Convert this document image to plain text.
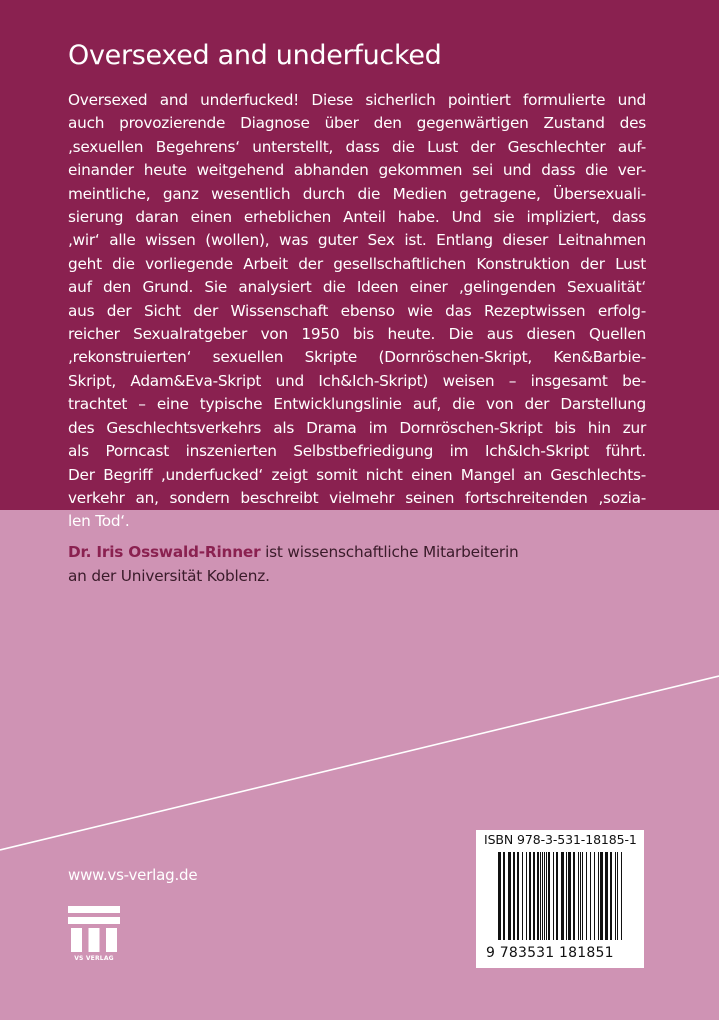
Oversexed and underfucked
Oversexed and underfucked! Diese sicherlich pointiert formulierte und
auch provozierende Diagnose über den gegenwärtigen Zustand des
‚sexuellen Begehrens‘ unterstellt, dass die Lust der Geschlechter auf-
einander heute weitgehend abhanden gekommen sei und dass die ver-
meintliche, ganz wesentlich durch die Medien getragene, Übersexuali-
sierung daran einen erheblichen Anteil habe. Und sie impliziert, dass
‚wir‘ alle wissen (wollen), was guter Sex ist. Entlang dieser Leitnahmen
geht die vorliegende Arbeit der gesellschaftlichen Konstruktion der Lust
auf den Grund. Sie analysiert die Ideen einer ‚gelingenden Sexualität‘
aus der Sicht der Wissenschaft ebenso wie das Rezeptwissen erfolg-
reicher Sexualratgeber von 1950 bis heute. Die aus diesen Quellen
‚rekonstruierten‘ sexuellen Skripte (Dornröschen-Skript, Ken&Barbie-
Skript, Adam&Eva-Skript und Ich&Ich-Skript) weisen – insgesamt be-
trachtet – eine typische Entwicklungslinie auf, die von der Darstellung
des Geschlechtsverkehrs als Drama im Dornröschen-Skript bis hin zur
als Porncast inszenierten Selbstbefriedigung im Ich&Ich-Skript führt.
Der Begriff ‚underfucked‘ zeigt somit nicht einen Mangel an Geschlechts-
verkehr an, sondern beschreibt vielmehr seinen fortschreitenden ‚sozia-
len Tod‘.
Dr. Iris Osswald-Rinner ist wissenschaftliche Mitarbeiterin
an der Universität Koblenz.
www.vs-verlag.de
VS VERLAG
ISBN 978-3-531-18185-1
9 783531 181851
